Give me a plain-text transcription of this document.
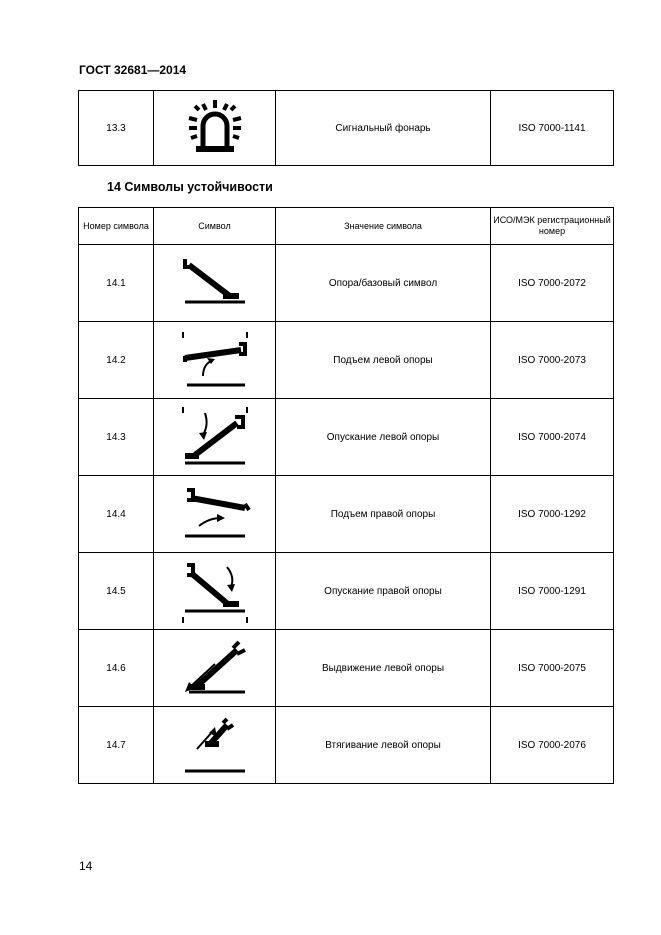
ГОСТ 32681—2014
13.3		Сигнальный фонарь	ISO 7000-1141
14 Символы устойчивости
Номер символа	Символ	Значение символа	ИСО/МЭК регистрационный номер
14.1		Опора/базовый символ	ISO 7000-2072
14.2		Подъем левой опоры	ISO 7000-2073
14.3		Опускание левой опоры	ISO 7000-2074
14.4		Подъем правой опоры	ISO 7000-1292
14.5		Опускание правой опоры	ISO 7000-1291
14.6		Выдвижение левой опоры	ISO 7000-2075
14.7		Втягивание левой опоры	ISO 7000-2076
14
